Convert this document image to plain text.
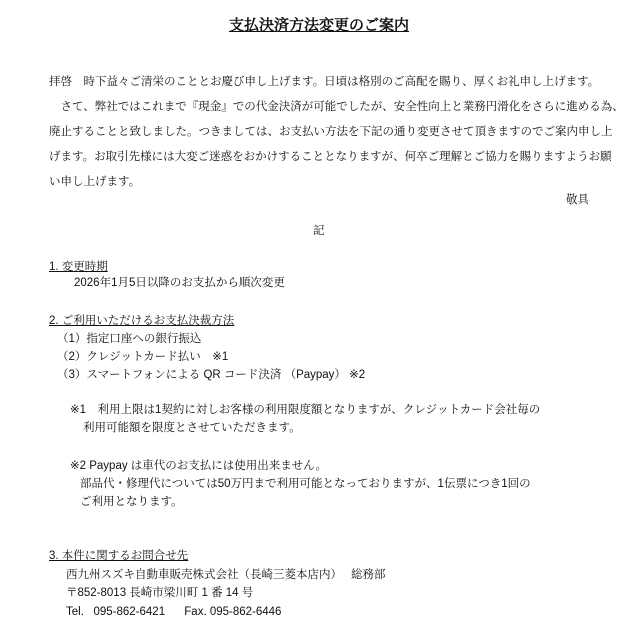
支払決済方法変更のご案内
拝啓　時下益々ご清栄のこととお慶び申し上げます。日頃は格別のご高配を賜り、厚くお礼申し上げます。
　さて、弊社ではこれまで『現金』での代金決済が可能でしたが、安全性向上と業務円滑化をさらに進める為、
廃止することと致しました。つきましては、お支払い方法を下記の通り変更させて頂きますのでご案内申し上
げます。お取引先様には大変ご迷惑をおかけすることとなりますが、何卒ご理解とご協力を賜りますようお願
い申し上げます。
敬具
記
1. 変更時期
2026年1月5日以降のお支払から順次変更
2. ご利用いただけるお支払決裁方法
（1）指定口座への銀行振込
（2）クレジットカード払い　※1
（3）スマートフォンによる QR コード決済 （Paypay） ※2
※1　利用上限は1契約に対しお客様の利用限度額となりますが、クレジットカード会社毎の
利用可能額を限度とさせていただきます。
※2 Paypay は車代のお支払には使用出来ません。
部品代・修理代については50万円まで利用可能となっておりますが、1伝票につき1回の
ご利用となります。
3. 本件に関するお問合せ先
西九州スズキ自動車販売株式会社（長崎三菱本店内）　 総務部
〒852-8013 長崎市梁川町 1 番 14 号
Tel.   095-862-6421      Fax. 095-862-6446
